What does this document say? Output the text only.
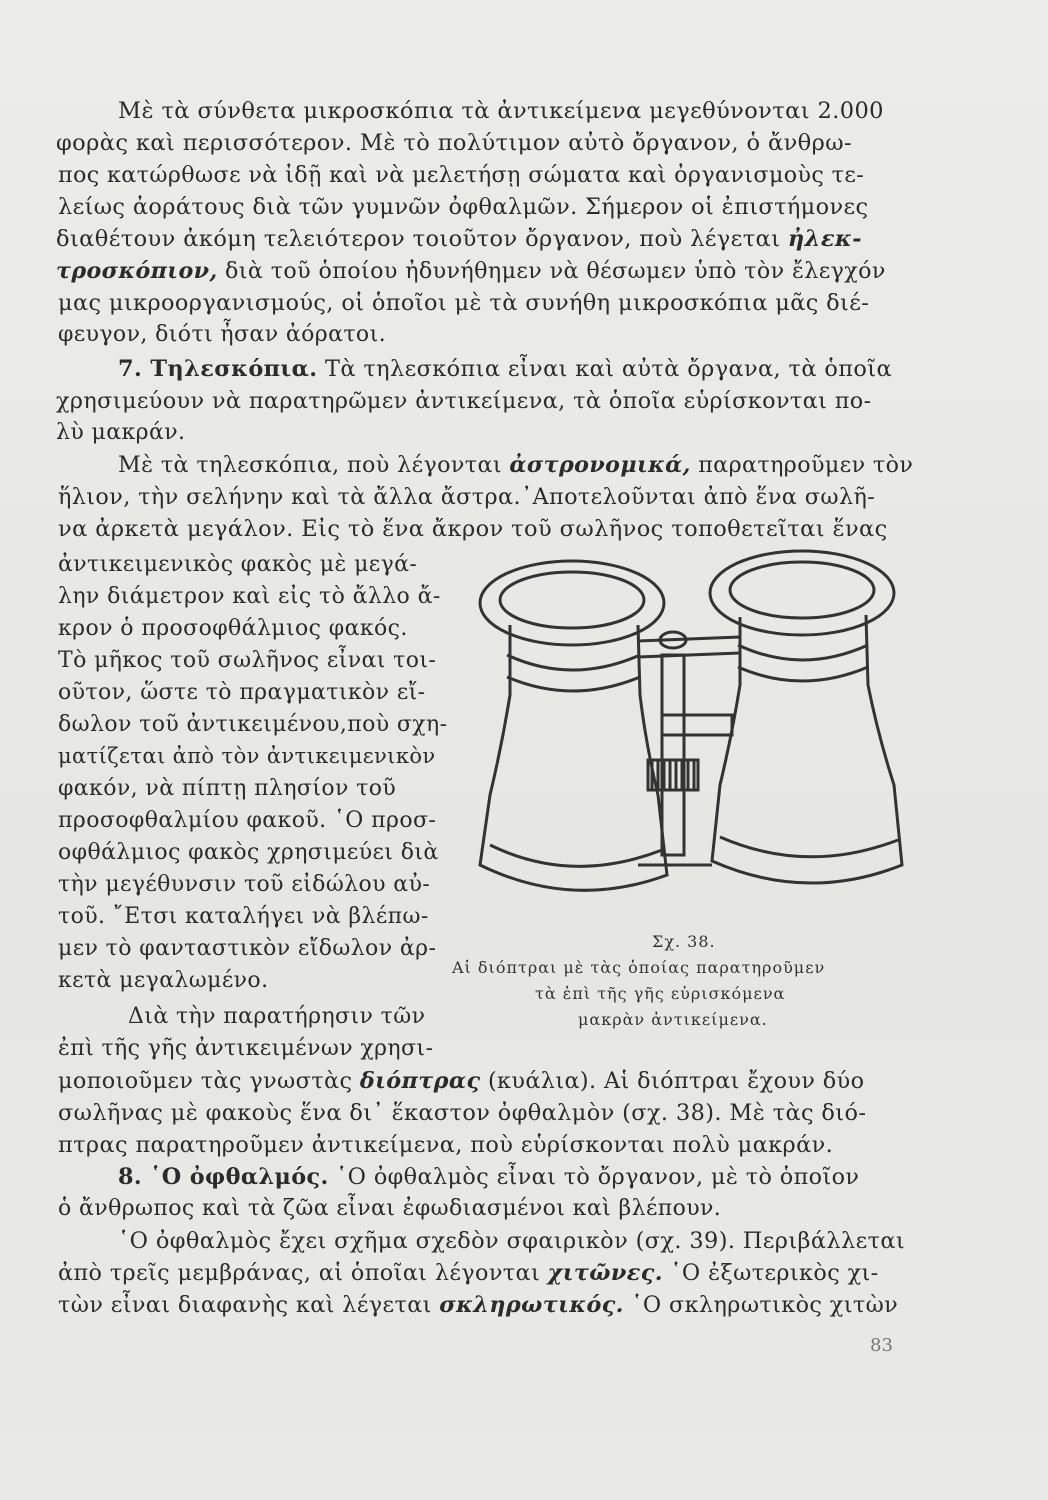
Μὲ τὰ σύνθετα μικροσκόπια τὰ ἀντικείμενα μεγεθύνονται 2.000
φορὰς καὶ περισσότερον. Μὲ τὸ πολύτιμον αὐτὸ ὄργανον, ὁ ἄνθρω-
πος κατώρθωσε νὰ ἰδῇ καὶ νὰ μελετήσῃ σώματα καὶ ὀργανισμοὺς τε-
λείως ἀοράτους διὰ τῶν γυμνῶν ὀφθαλμῶν. Σήμερον οἱ ἐπιστήμονες
διαθέτουν ἀκόμη τελειότερον τοιοῦτον ὄργανον, ποὺ λέγεται ἠλεκ-
τροσκόπιον, διὰ τοῦ ὁποίου ἠδυνήθημεν νὰ θέσωμεν ὑπὸ τὸν ἔλεγχόν
μας μικροοργανισμούς, οἱ ὁποῖοι μὲ τὰ συνήθη μικροσκόπια μᾶς διέ-
φευγον, διότι ἦσαν ἀόρατοι.
7. Τηλεσκόπια. Τὰ τηλεσκόπια εἶναι καὶ αὐτὰ ὄργανα, τὰ ὁποῖα
χρησιμεύουν νὰ παρατηρῶμεν ἀντικείμενα, τὰ ὁποῖα εὑρίσκονται πο-
λὺ μακράν.
Μὲ τὰ τηλεσκόπια, ποὺ λέγονται ἀστρονομικά, παρατηροῦμεν τὸν
ἥλιον, τὴν σελήνην καὶ τὰ ἄλλα ἄστρα.᾿Αποτελοῦνται ἀπὸ ἕνα σωλῆ-
να ἀρκετὰ μεγάλον. Εἰς τὸ ἕνα ἄκρον τοῦ σωλῆνος τοποθετεῖται ἕνας
ἀντικειμενικὸς φακὸς μὲ μεγά-
λην διάμετρον καὶ εἰς τὸ ἄλλο ἄ-
κρον ὁ προσοφθάλμιος φακός.
Τὸ μῆκος τοῦ σωλῆνος εἶναι τοι-
οῦτον, ὥστε τὸ πραγματικὸν εἴ-
δωλον τοῦ ἀντικειμένου,ποὺ σχη-
ματίζεται ἀπὸ τὸν ἀντικειμενικὸν
φακόν, νὰ πίπτῃ πλησίον τοῦ
προσοφθαλμίου φακοῦ. ῾Ο προσ-
οφθάλμιος φακὸς χρησιμεύει διὰ
τὴν μεγέθυνσιν τοῦ εἰδώλου αὐ-
τοῦ. ῎Ετσι καταλήγει νὰ βλέπω-
μεν τὸ φανταστικὸν εἴδωλον ἀρ-
κετὰ μεγαλωμένο.
Διὰ τὴν παρατήρησιν τῶν
ἐπὶ τῆς γῆς ἀντικειμένων χρησι-
μοποιοῦμεν τὰς γνωστὰς διόπτρας (κυάλια). Αἱ διόπτραι ἔχουν δύο
σωλῆνας μὲ φακοὺς ἕνα δι᾿ ἕκαστον ὀφθαλμὸν (σχ. 38). Μὲ τὰς διό-
πτρας παρατηροῦμεν ἀντικείμενα, ποὺ εὑρίσκονται πολὺ μακράν.
8. ῾Ο ὀφθαλμός. ῾Ο ὀφθαλμὸς εἶναι τὸ ὄργανον, μὲ τὸ ὁποῖον
ὁ ἄνθρωπος καὶ τὰ ζῶα εἶναι ἐφωδιασμένοι καὶ βλέπουν.
῾Ο ὀφθαλμὸς ἔχει σχῆμα σχεδὸν σφαιρικὸν (σχ. 39). Περιβάλλεται
ἀπὸ τρεῖς μεμβράνας, αἱ ὁποῖαι λέγονται χιτῶνες. ῾Ο ἐξωτερικὸς χι-
τὼν εἶναι διαφανὴς καὶ λέγεται σκληρωτικός. ῾Ο σκληρωτικὸς χιτὼν
Σχ. 38.
Αἱ διόπτραι μὲ τὰς ὁποίας παρατηροῦμεν
τὰ ἐπὶ τῆς γῆς εὑρισκόμενα
μακρὰν ἀντικείμενα.
83
